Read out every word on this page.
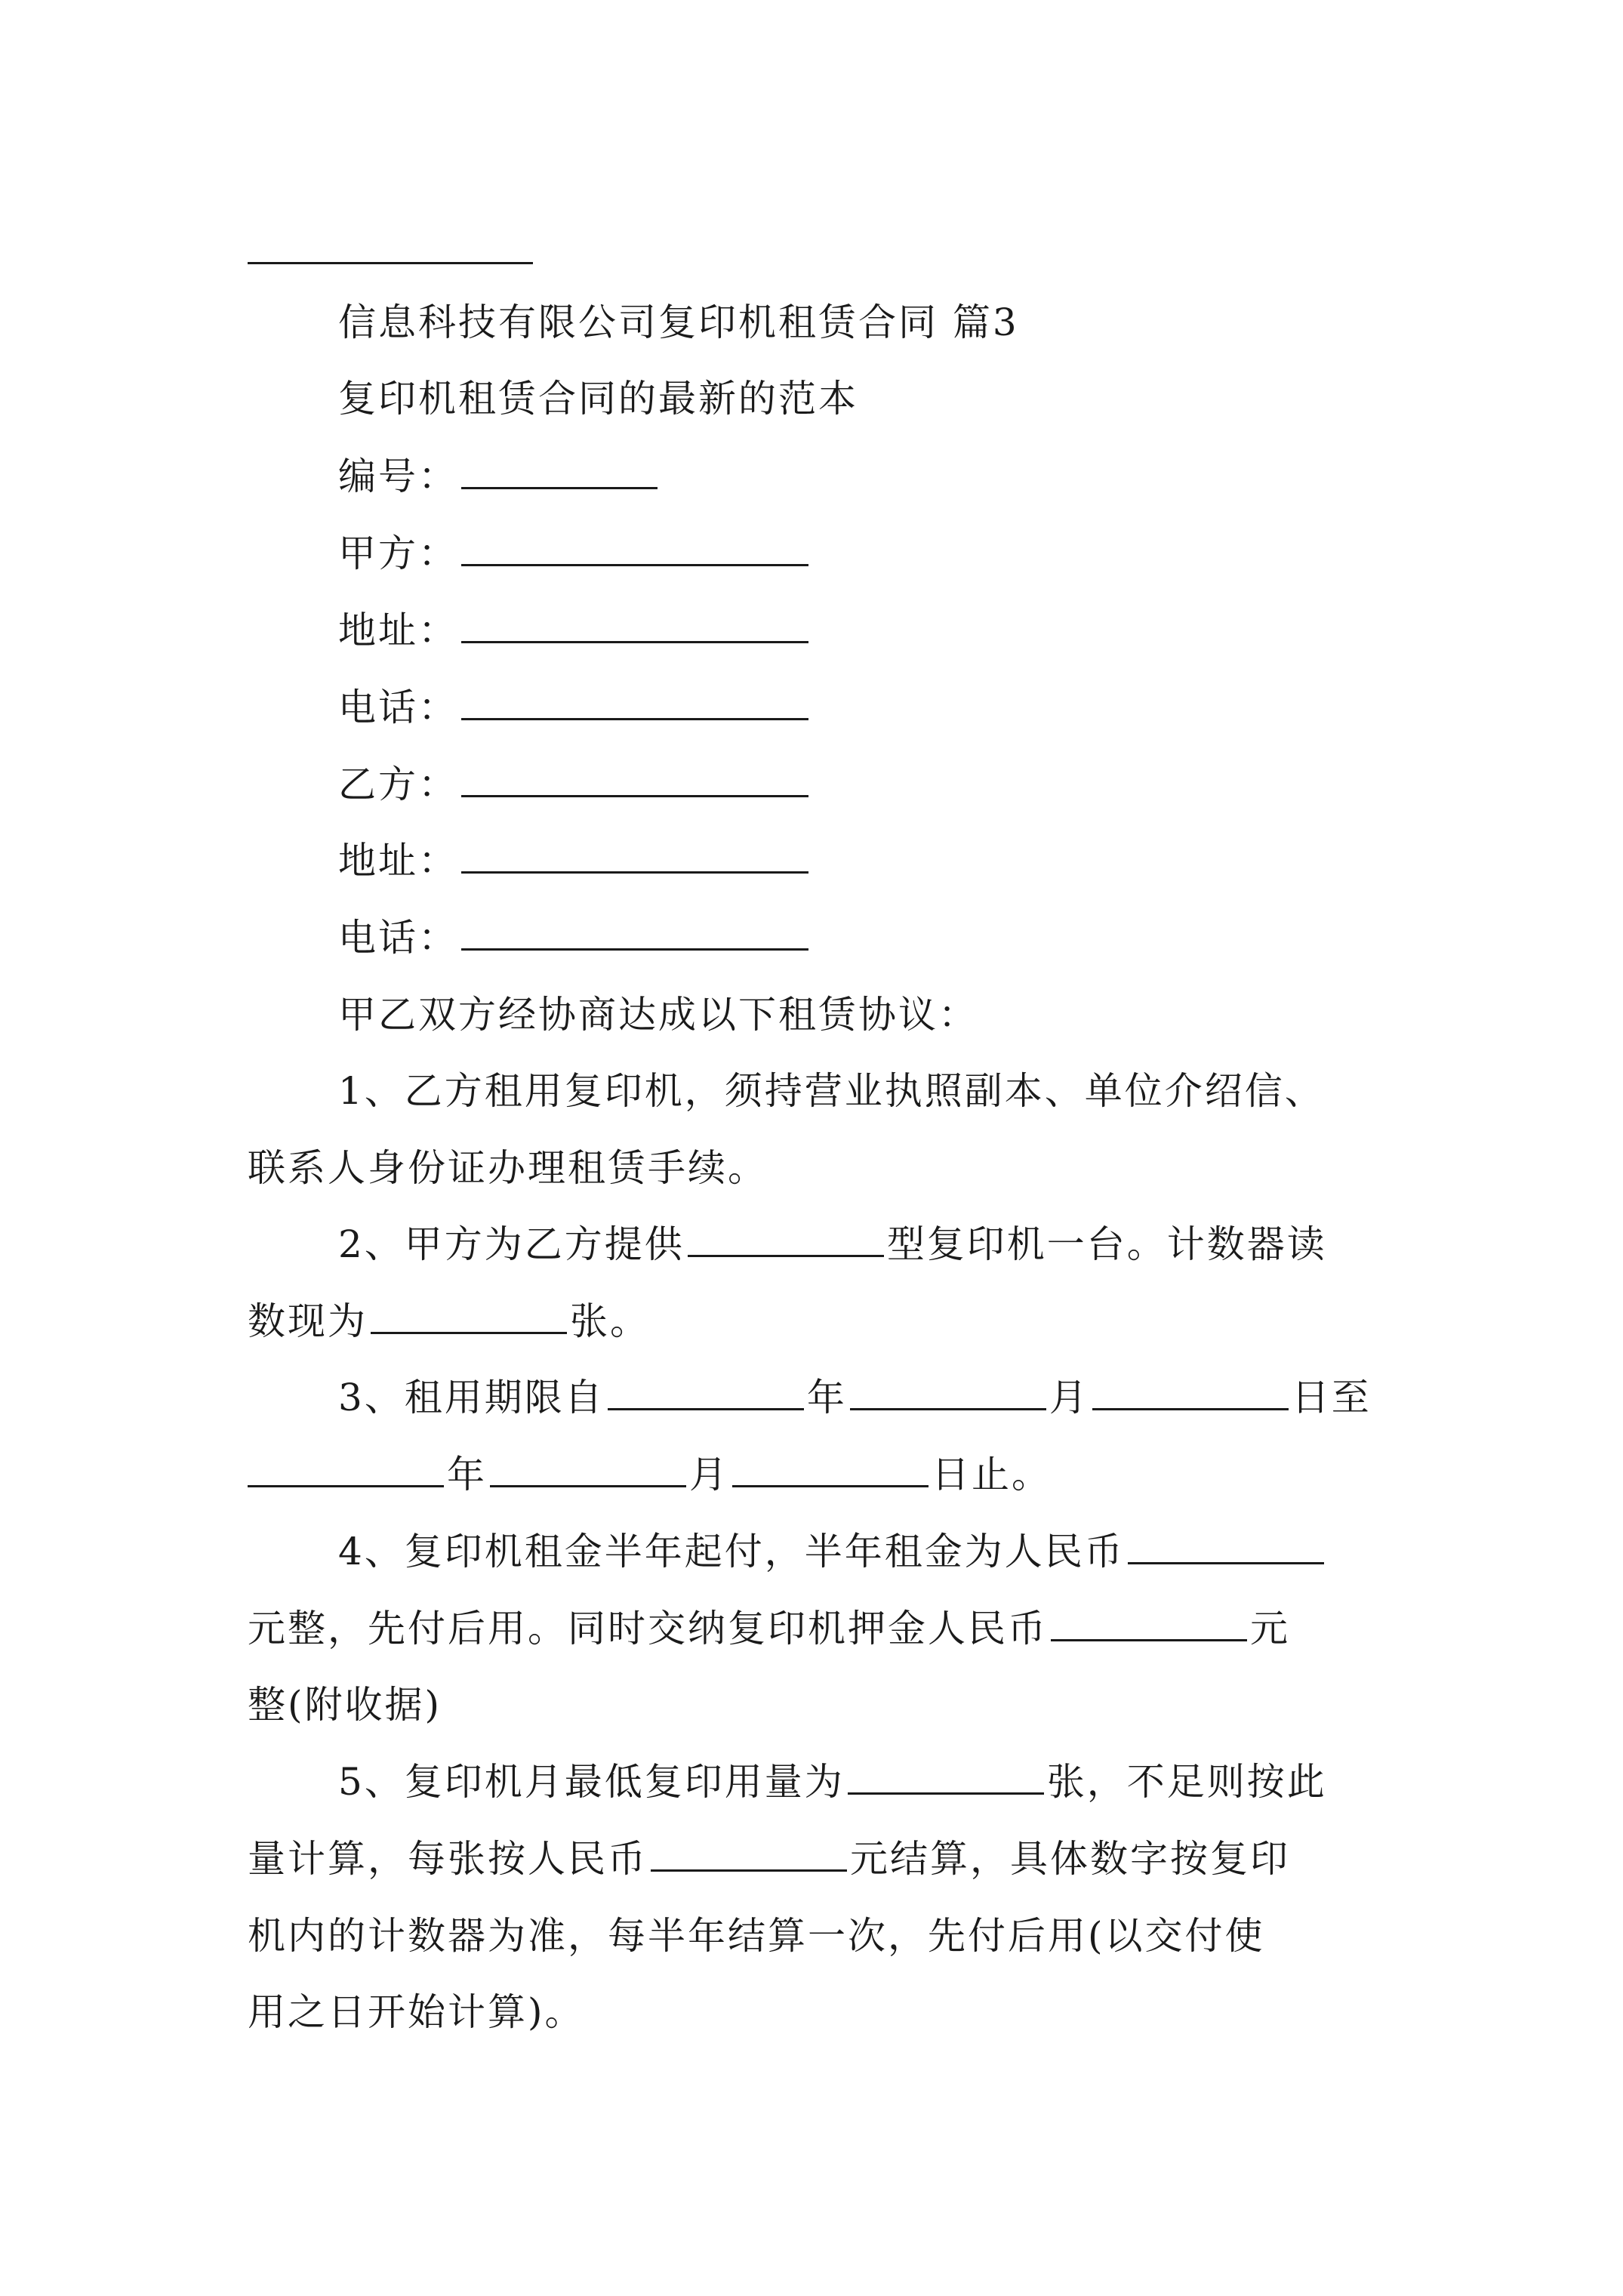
信息科技有限公司复印机租赁合同 篇3
复印机租赁合同的最新的范本
编号：
甲方：
地址：
电话：
乙方：
地址：
电话：
甲乙双方经协商达成以下租赁协议：
1、乙方租用复印机，须持营业执照副本、单位介绍信、
联系人身份证办理租赁手续。
2、甲方为乙方提供	型复印机一台。计数器读
数现为	张。
3、租用期限自	年	月	日至
年	月	日止。
4、复印机租金半年起付，半年租金为人民币
元整，先付后用。同时交纳复印机押金人民币	元
整(附收据)
5、复印机月最低复印用量为	张，不足则按此
量计算，每张按人民币	元结算，具体数字按复印
机内的计数器为准，每半年结算一次，先付后用(以交付使
用之日开始计算)。
